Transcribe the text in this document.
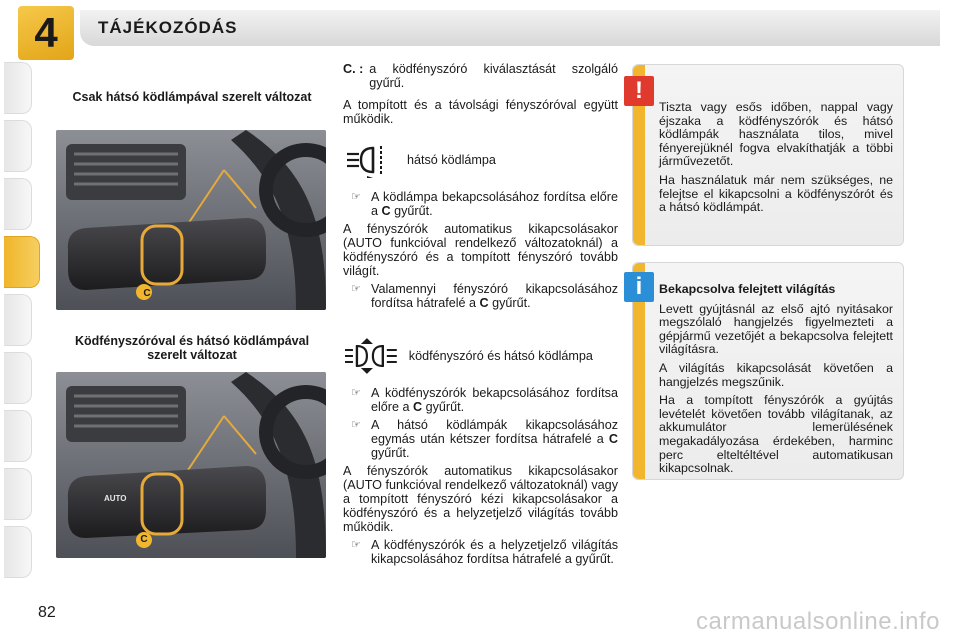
4 TÁJÉKOZÓDÁS
Csak hátsó ködlámpával szerelt változat
C
Ködfényszóróval és hátsó ködlámpával szerelt változat
AUTO
C
C. : a ködfényszóró kiválasztását szolgáló gyűrű.

A tompított és a távolsági fényszóróval együtt működik.

hátsó ködlámpa
☞ A ködlámpa bekapcsolásához fordítsa előre a C gyűrűt.

A fényszórók automatikus kikapcsolásakor (AUTO funkcióval rendelkező változatoknál) a ködfényszóró és a tompított fényszóró tovább világít.

☞ Valamennyi fényszóró kikapcsolásához fordítsa hátrafelé a C gyűrűt.
ködfényszóró és hátsó ködlámpa
☞ A ködfényszórók bekapcsolásához fordítsa előre a C gyűrűt.
☞ A hátsó ködlámpák kikapcsolásához egymás után kétszer fordítsa hátrafelé a C gyűrűt.

A fényszórók automatikus kikapcsolásakor (AUTO funkcióval rendelkező változatoknál) vagy a tompított fényszóró kézi kikapcsolásakor a ködfényszóró és a helyzetjelző világítás tovább működik.

☞ A ködfényszórók és a helyzetjelző világítás kikapcsolásához fordítsa hátrafelé a gyűrűt.

Tiszta vagy esős időben, nappal vagy éjszaka a ködfényszórók és hátsó ködlámpák használata tilos, mivel fényerejüknél fogva elvakíthatják a többi járművezetőt.

Ha használatuk már nem szükséges, ne felejtse el kikapcsolni a ködfényszórót és a hátsó ködlámpát.

!

Bekapcsolva felejtett világítás

Levett gyújtásnál az első ajtó nyitásakor megszólaló hangjelzés figyelmezteti a gépjármű vezetőjét a bekapcsolva felejtett világításra.

A világítás kikapcsolását követően a hangjelzés megszűnik.

Ha a tompított fényszórók a gyújtás levételét követően tovább világítanak, az akkumulátor lemerülésének megakadályozása érdekében, harminc perc elteltéltével automatikusan kikapcsolnak.

i
82	carmanualsonline.info
